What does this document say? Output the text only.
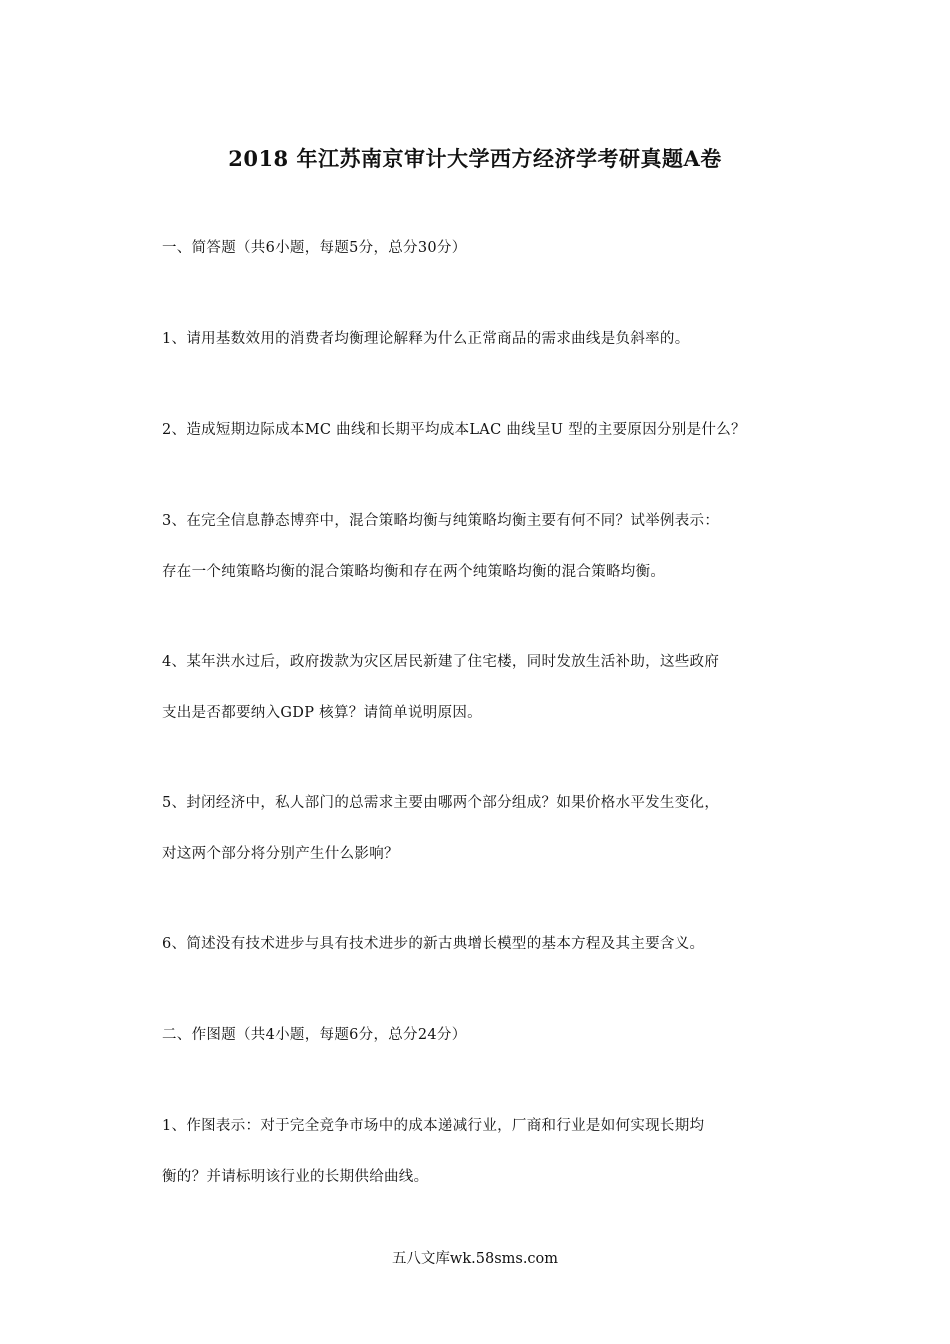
2018 年江苏南京审计大学西方经济学考研真题A卷
一、简答题（共6小题，每题5分，总分30分）
1、请用基数效用的消费者均衡理论解释为什么正常商品的需求曲线是负斜率的。
2、造成短期边际成本MC 曲线和长期平均成本LAC 曲线呈U 型的主要原因分别是什么？
3、在完全信息静态博弈中，混合策略均衡与纯策略均衡主要有何不同？试举例表示：
存在一个纯策略均衡的混合策略均衡和存在两个纯策略均衡的混合策略均衡。
4、某年洪水过后，政府拨款为灾区居民新建了住宅楼，同时发放生活补助，这些政府
支出是否都要纳入GDP 核算？请简单说明原因。
5、封闭经济中，私人部门的总需求主要由哪两个部分组成？如果价格水平发生变化，
对这两个部分将分别产生什么影响？
6、简述没有技术进步与具有技术进步的新古典增长模型的基本方程及其主要含义。
二、作图题（共4小题，每题6分，总分24分）
1、作图表示：对于完全竞争市场中的成本递减行业，厂商和行业是如何实现长期均
衡的？并请标明该行业的长期供给曲线。
五八文库wk.58sms.com
